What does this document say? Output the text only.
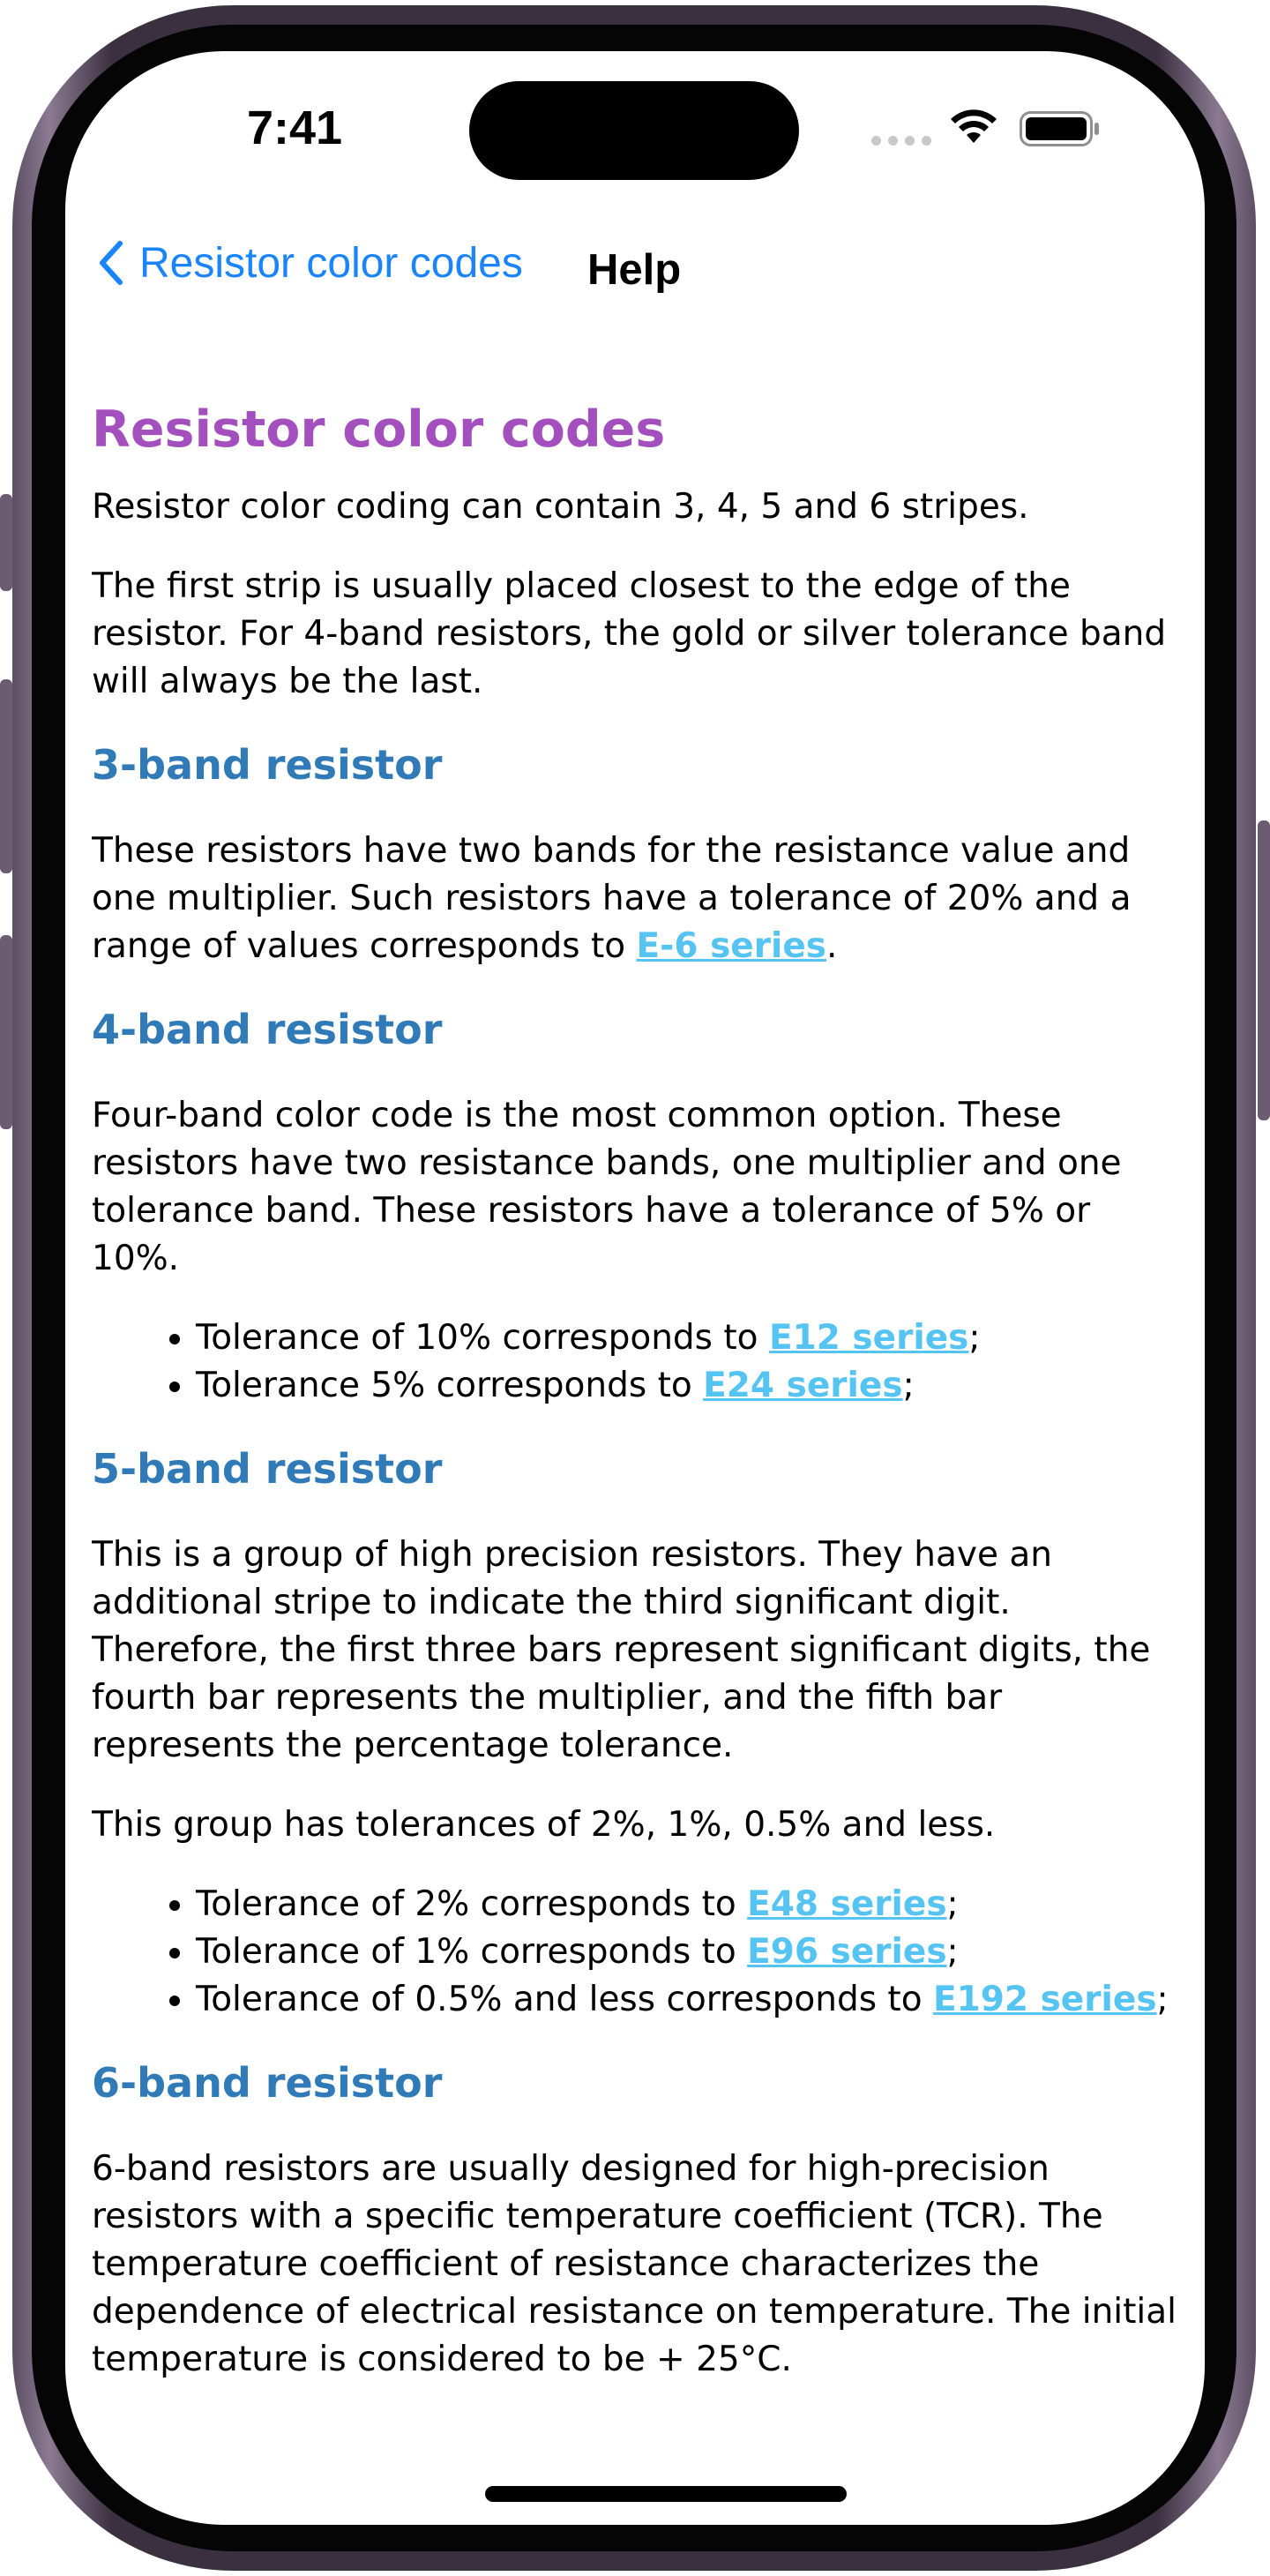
7:41
Resistor color codes Help
Resistor color codes

Resistor color coding can contain 3, 4, 5 and 6 stripes.

The first strip is usually placed closest to the edge of the resistor. For 4-band resistors, the gold or silver tolerance band will always be the last.

3-band resistor

These resistors have two bands for the resistance value and one multiplier. Such resistors have a tolerance of 20% and a range of values corresponds to E-6 series.

4-band resistor

Four-band color code is the most common option. These resistors have two resistance bands, one multiplier and one tolerance band. These resistors have a tolerance of 5% or 10%.

• Tolerance of 10% corresponds to E12 series;
• Tolerance 5% corresponds to E24 series;
5-band resistor

This is a group of high precision resistors. They have an additional stripe to indicate the third significant digit. Therefore, the first three bars represent significant digits, the fourth bar represents the multiplier, and the fifth bar represents the percentage tolerance.

This group has tolerances of 2%, 1%, 0.5% and less.

• Tolerance of 2% corresponds to E48 series;
• Tolerance of 1% corresponds to E96 series;
• Tolerance of 0.5% and less corresponds to E192 series;
6-band resistor

6-band resistors are usually designed for high-precision resistors with a specific temperature coefficient (TCR). The temperature coefficient of resistance characterizes the dependence of electrical resistance on temperature. The initial temperature is considered to be + 25°C.
